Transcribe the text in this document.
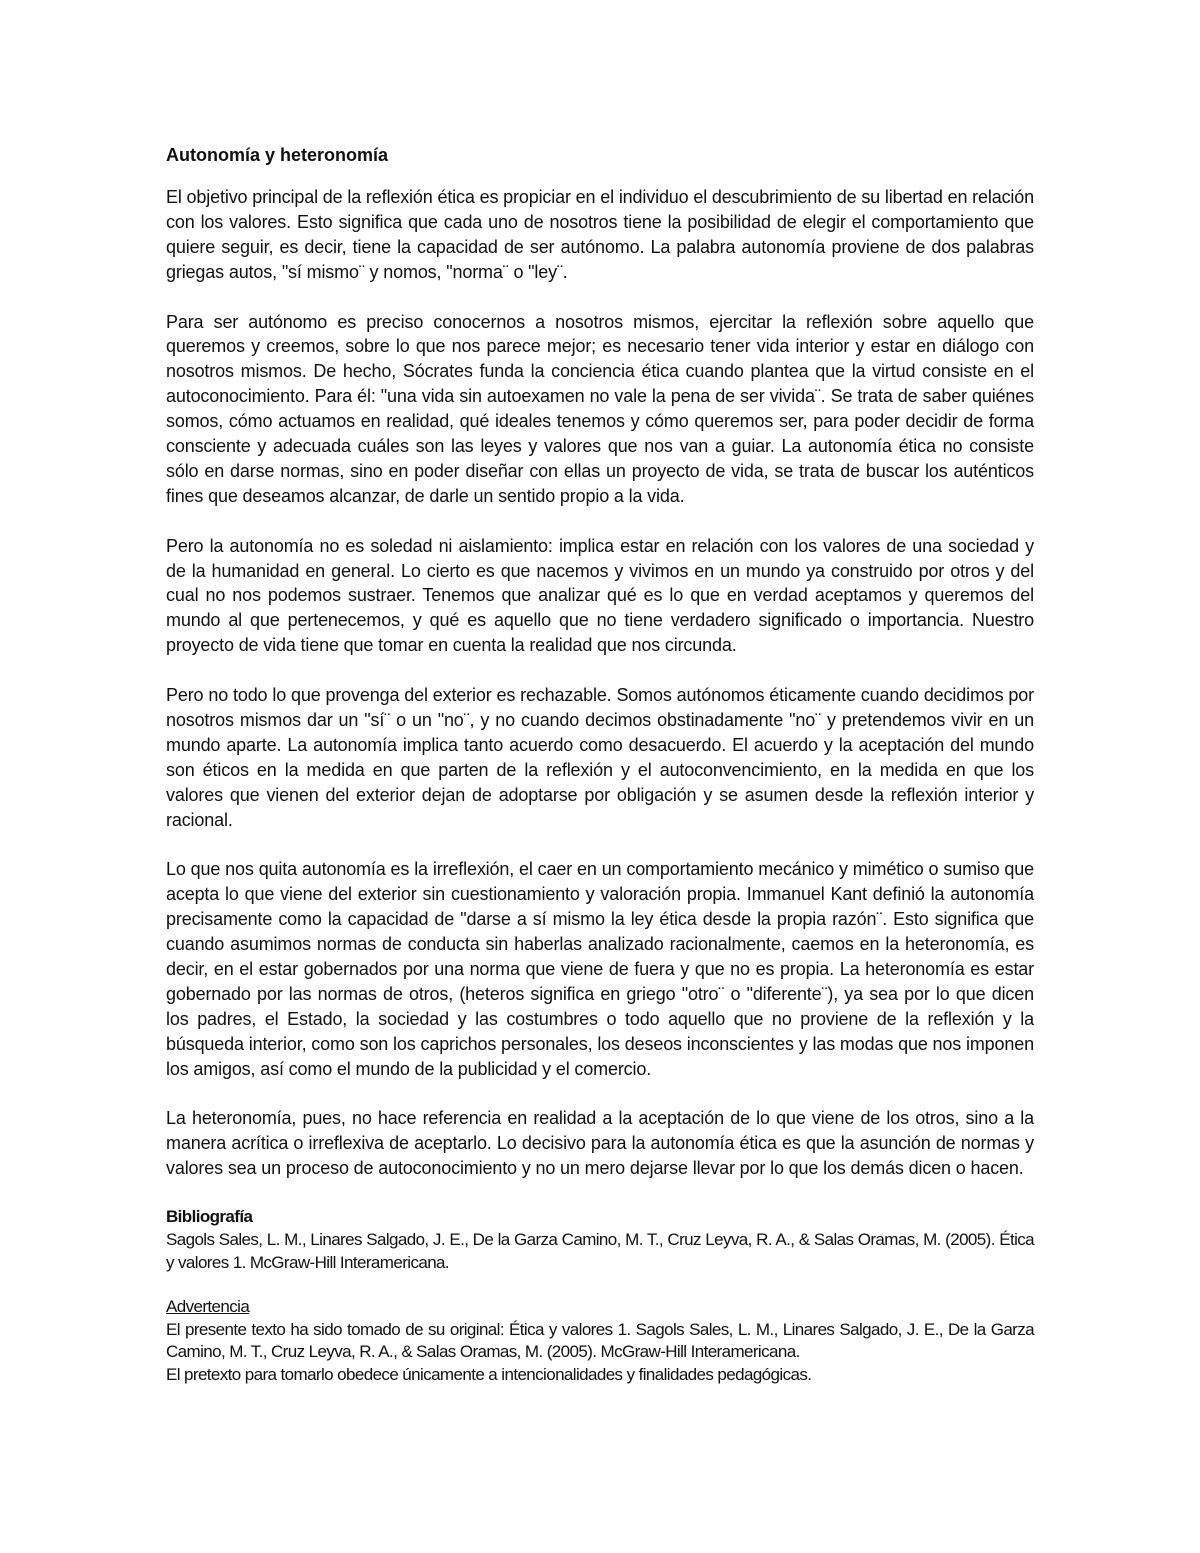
Autonomía y heteronomía

El objetivo principal de la reflexión ética es propiciar en el individuo el descubrimiento de su libertad en relación con los valores. Esto significa que cada uno de nosotros tiene la posibilidad de elegir el comportamiento que quiere seguir, es decir, tiene la capacidad de ser autónomo. La palabra autonomía proviene de dos palabras griegas autos, "sí mismo¨ y nomos, "norma¨ o "ley¨.

Para ser autónomo es preciso conocernos a nosotros mismos, ejercitar la reflexión sobre aquello que queremos y creemos, sobre lo que nos parece mejor; es necesario tener vida interior y estar en diálogo con nosotros mismos. De hecho, Sócrates funda la conciencia ética cuando plantea que la virtud consiste en el autoconocimiento. Para él: "una vida sin autoexamen no vale la pena de ser vivida¨. Se trata de saber quiénes somos, cómo actuamos en realidad, qué ideales tenemos y cómo queremos ser, para poder decidir de forma consciente y adecuada cuáles son las leyes y valores que nos van a guiar. La autonomía ética no consiste sólo en darse normas, sino en poder diseñar con ellas un proyecto de vida, se trata de buscar los auténticos fines que deseamos alcanzar, de darle un sentido propio a la vida.

Pero la autonomía no es soledad ni aislamiento: implica estar en relación con los valores de una sociedad y de la humanidad en general. Lo cierto es que nacemos y vivimos en un mundo ya construido por otros y del cual no nos podemos sustraer. Tenemos que analizar qué es lo que en verdad aceptamos y queremos del mundo al que pertenecemos, y qué es aquello que no tiene verdadero significado o importancia. Nuestro proyecto de vida tiene que tomar en cuenta la realidad que nos circunda.

Pero no todo lo que provenga del exterior es rechazable. Somos autónomos éticamente cuando decidimos por nosotros mismos dar un "sí¨ o un "no¨, y no cuando decimos obstinadamente "no¨ y pretendemos vivir en un mundo aparte. La autonomía implica tanto acuerdo como desacuerdo. El acuerdo y la aceptación del mundo son éticos en la medida en que parten de la reflexión y el autoconvencimiento, en la medida en que los valores que vienen del exterior dejan de adoptarse por obligación y se asumen desde la reflexión interior y racional.

Lo que nos quita autonomía es la irreflexión, el caer en un comportamiento mecánico y mimético o sumiso que acepta lo que viene del exterior sin cuestionamiento y valoración propia. Immanuel Kant definió la autonomía precisamente como la capacidad de "darse a sí mismo la ley ética desde la propia razón¨. Esto significa que cuando asumimos normas de conducta sin haberlas analizado racionalmente, caemos en la heteronomía, es decir, en el estar gobernados por una norma que viene de fuera y que no es propia. La heteronomía es estar gobernado por las normas de otros, (heteros significa en griego "otro¨ o "diferente¨), ya sea por lo que dicen los padres, el Estado, la sociedad y las costumbres o todo aquello que no proviene de la reflexión y la búsqueda interior, como son los caprichos personales, los deseos inconscientes y las modas que nos imponen los amigos, así como el mundo de la publicidad y el comercio.

La heteronomía, pues, no hace referencia en realidad a la aceptación de lo que viene de los otros, sino a la manera acrítica o irreflexiva de aceptarlo. Lo decisivo para la autonomía ética es que la asunción de normas y valores sea un proceso de autoconocimiento y no un mero dejarse llevar por lo que los demás dicen o hacen.

Bibliografía

Sagols Sales, L. M., Linares Salgado, J. E., De la Garza Camino, M. T., Cruz Leyva, R. A., & Salas Oramas, M. (2005). Ética y valores 1. McGraw-Hill Interamericana.

Advertencia

El presente texto ha sido tomado de su original: Ética y valores 1. Sagols Sales, L. M., Linares Salgado, J. E., De la Garza Camino, M. T., Cruz Leyva, R. A., & Salas Oramas, M. (2005). McGraw-Hill Interamericana.

El pretexto para tomarlo obedece únicamente a intencionalidades y finalidades pedagógicas.
